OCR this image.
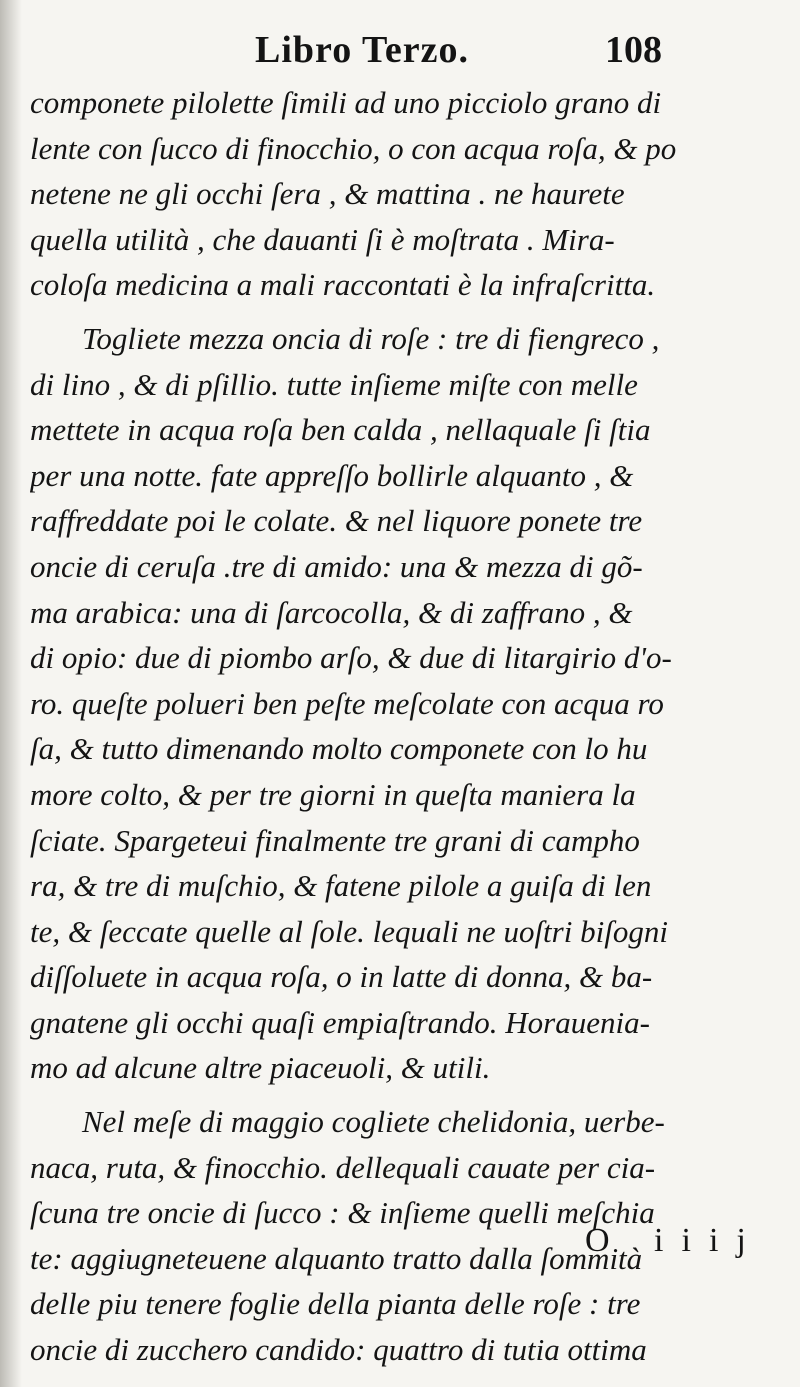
Libro Terzo.	108
componete pilolette ſimili ad uno picciolo grano di
lente con ſucco di finocchio, o con acqua roſa, & po
netene ne gli occhi ſera , & mattina . ne haurete
quella utilità , che dauanti ſi è moſtrata . Mira-
coloſa medicina a mali raccontati è la infraſcritta.
Togliete mezza oncia di roſe : tre di fiengreco ,
di lino , & di pſillio. tutte inſieme miſte con melle
mettete in acqua roſa ben calda , nellaquale ſi ſtia
per una notte. fate appreſſo bollirle alquanto , &
raffreddate poi le colate. & nel liquore ponete tre
oncie di ceruſa .tre di amido: una & mezza di gõ-
ma arabica: una di ſarcocolla, & di zaffrano , &
di opio: due di piombo arſo, & due di litargirio d'o-
ro. queſte polueri ben peſte meſcolate con acqua ro
ſa, & tutto dimenando molto componete con lo hu
more colto, & per tre giorni in queſta maniera la
ſciate. Spargeteui finalmente tre grani di campho
ra, & tre di muſchio, & fatene pilole a guiſa di len
te, & ſeccate quelle al ſole. lequali ne uoſtri biſogni
diſſoluete in acqua roſa, o in latte di donna, & ba-
gnatene gli occhi quaſi empiaſtrando. Horaueniа-
mo ad alcune altre piaceuoli, & utili.
Nel meſe di maggio cogliete chelidonia, uerbe-
naca, ruta, & finocchio. dellequali cauate per cia-
ſcuna tre oncie di ſucco : & inſieme quelli meſchia
te: aggiugneteuene alquanto tratto dalla ſommità
delle piu tenere foglie della pianta delle roſe : tre
oncie di zucchero candido: quattro di tutia ottima
O iiij
